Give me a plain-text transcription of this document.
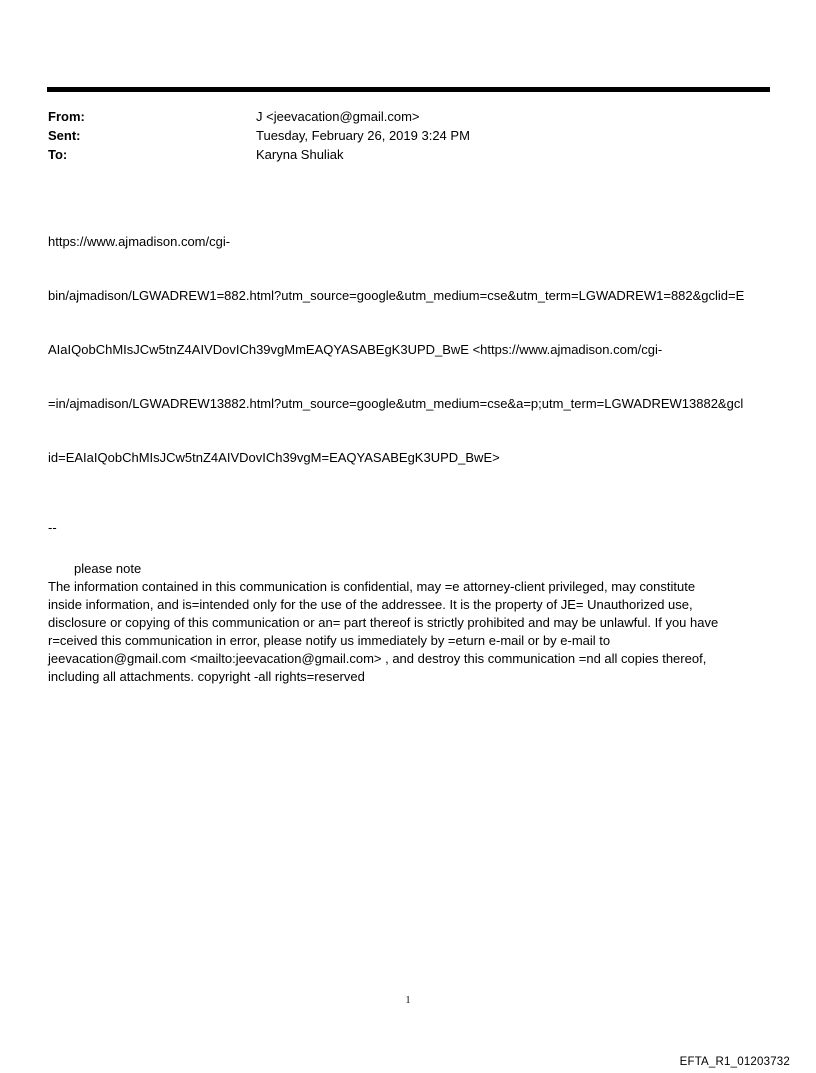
From:	J <jeevacation@gmail.com>
Sent:	Tuesday, February 26, 2019 3:24 PM
To:	Karyna Shuliak

https://www.ajmadison.com/cgi-

bin/ajmadison/LGWADREW1=882.html?utm_source=google&utm_medium=cse&utm_term=LGWADREW1=882&gclid=E

AIaIQobChMIsJCw5tnZ4AIVDovICh39vgMmEAQYASABEgK3UPD_BwE <https://www.ajmadison.com/cgi-

=in/ajmadison/LGWADREW13882.html?utm_source=google&utm_medium=cse&a=p;utm_term=LGWADREW13882&gcl

id=EAIaIQobChMIsJCw5tnZ4AIVDovICh39vgM=EAQYASABEgK3UPD_BwE>

--
please note
The information contained in this communication is confidential, may =e attorney-client privileged, may constitute
inside information, and is=intended only for the use of the addressee. It is the property of JE= Unauthorized use,
disclosure or copying of this communication or an= part thereof is strictly prohibited and may be unlawful. If you have
r=ceived this communication in error, please notify us immediately by =eturn e-mail or by e-mail to
jeevacation@gmail.com <mailto:jeevacation@gmail.com> , and destroy this communication =nd all copies thereof,
including all attachments. copyright -all rights=reserved
1
EFTA_R1_01203732
